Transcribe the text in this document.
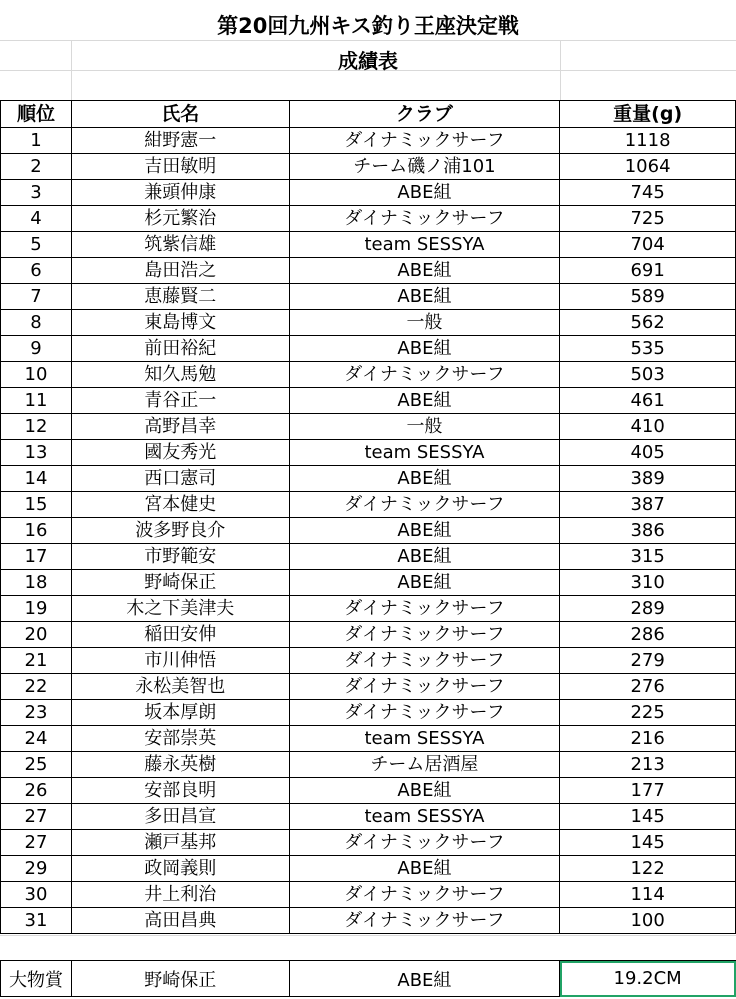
第20回九州キス釣り王座決定戦
成績表
順位	氏名	クラブ	重量(g)
1	紺野憲一	ダイナミックサーフ	1118
2	吉田敏明	チーム磯ノ浦101	1064
3	兼頭伸康	ABE組	745
4	杉元繁治	ダイナミックサーフ	725
5	筑紫信雄	team SESSYA	704
6	島田浩之	ABE組	691
7	恵藤賢二	ABE組	589
8	東島博文	一般	562
9	前田裕紀	ABE組	535
10	知久馬勉	ダイナミックサーフ	503
11	青谷正一	ABE組	461
12	高野昌幸	一般	410
13	國友秀光	team SESSYA	405
14	西口憲司	ABE組	389
15	宮本健史	ダイナミックサーフ	387
16	波多野良介	ABE組	386
17	市野範安	ABE組	315
18	野崎保正	ABE組	310
19	木之下美津夫	ダイナミックサーフ	289
20	稲田安伸	ダイナミックサーフ	286
21	市川伸悟	ダイナミックサーフ	279
22	永松美智也	ダイナミックサーフ	276
23	坂本厚朗	ダイナミックサーフ	225
24	安部崇英	team SESSYA	216
25	藤永英樹	チーム居酒屋	213
26	安部良明	ABE組	177
27	多田昌宣	team SESSYA	145
27	瀬戸基邦	ダイナミックサーフ	145
29	政岡義則	ABE組	122
30	井上利治	ダイナミックサーフ	114
31	高田昌典	ダイナミックサーフ	100
大物賞	野崎保正	ABE組	19.2CM
